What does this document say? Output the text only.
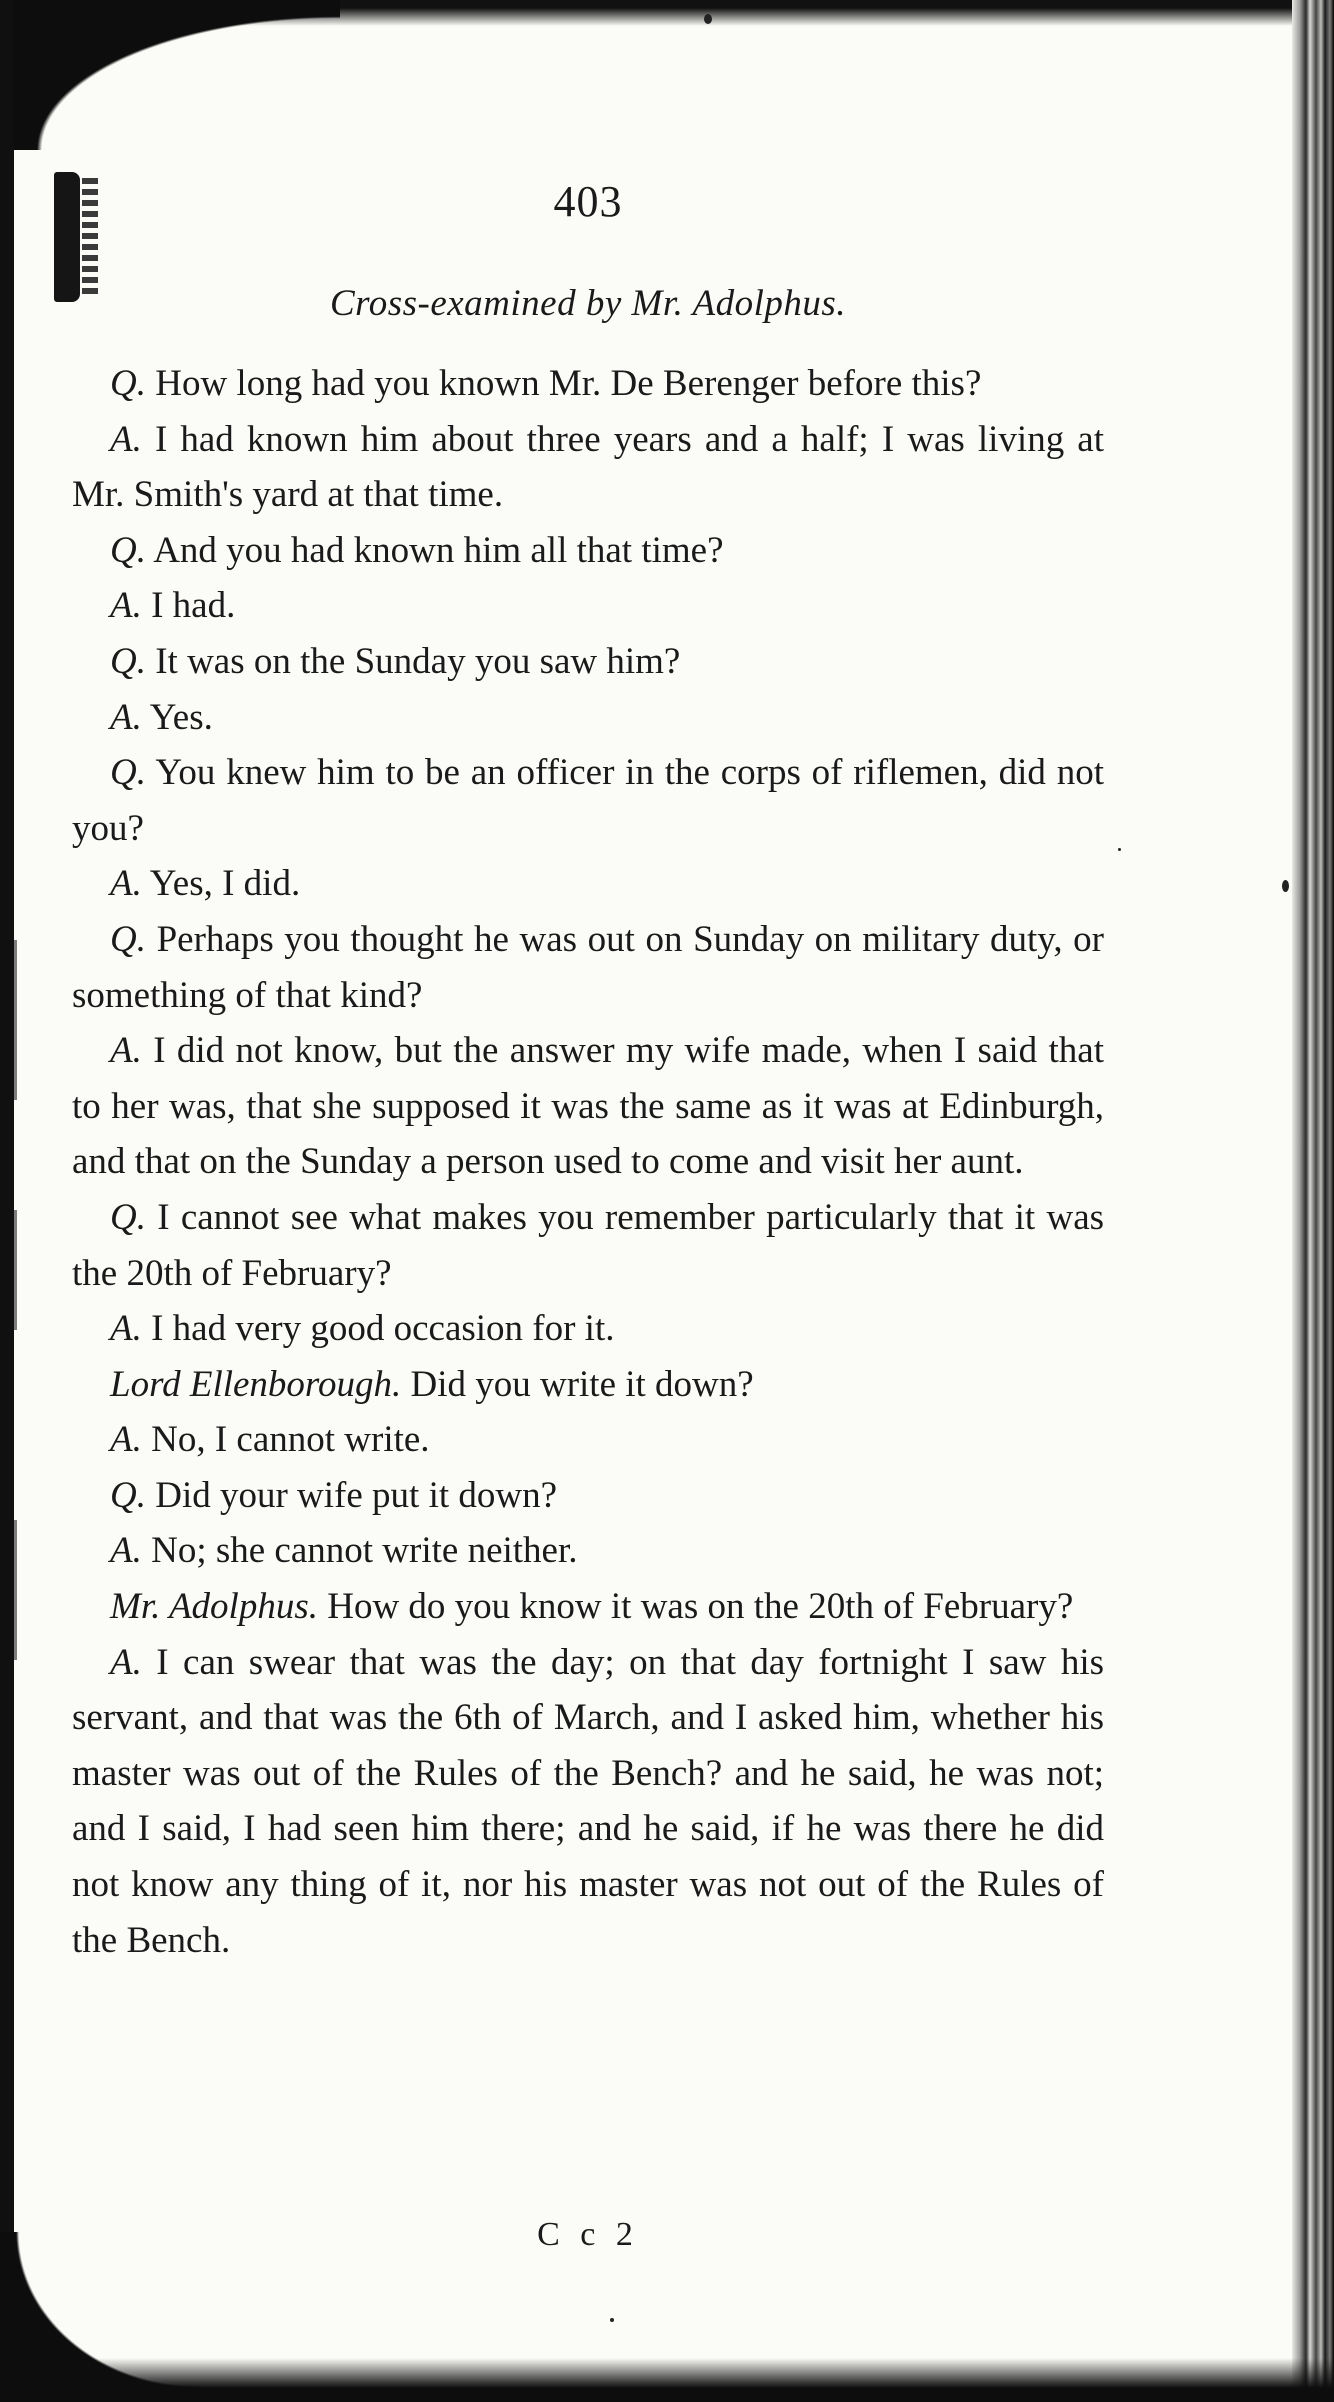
403
Cross-examined by Mr. Adolphus.

Q. How long had you known Mr. De Berenger before this?

A. I had known him about three years and a half; I was living at Mr. Smith's yard at that time.

Q. And you had known him all that time?

A. I had.

Q. It was on the Sunday you saw him?

A. Yes.

Q. You knew him to be an officer in the corps of riflemen, did not you?

A. Yes, I did.

Q. Perhaps you thought he was out on Sunday on military duty, or something of that kind?

A. I did not know, but the answer my wife made, when I said that to her was, that she supposed it was the same as it was at Edinburgh, and that on the Sunday a person used to come and visit her aunt.

Q. I cannot see what makes you remember particularly that it was the 20th of February?

A. I had very good occasion for it.

Lord Ellenborough. Did you write it down?

A. No, I cannot write.

Q. Did your wife put it down?

A. No; she cannot write neither.

Mr. Adolphus. How do you know it was on the 20th of February?

A. I can swear that was the day; on that day fortnight I saw his servant, and that was the 6th of March, and I asked him, whether his master was out of the Rules of the Bench? and he said, he was not; and I said, I had seen him there; and he said, if he was there he did not know any thing of it, nor his master was not out of the Rules of the Bench.

C c 2
